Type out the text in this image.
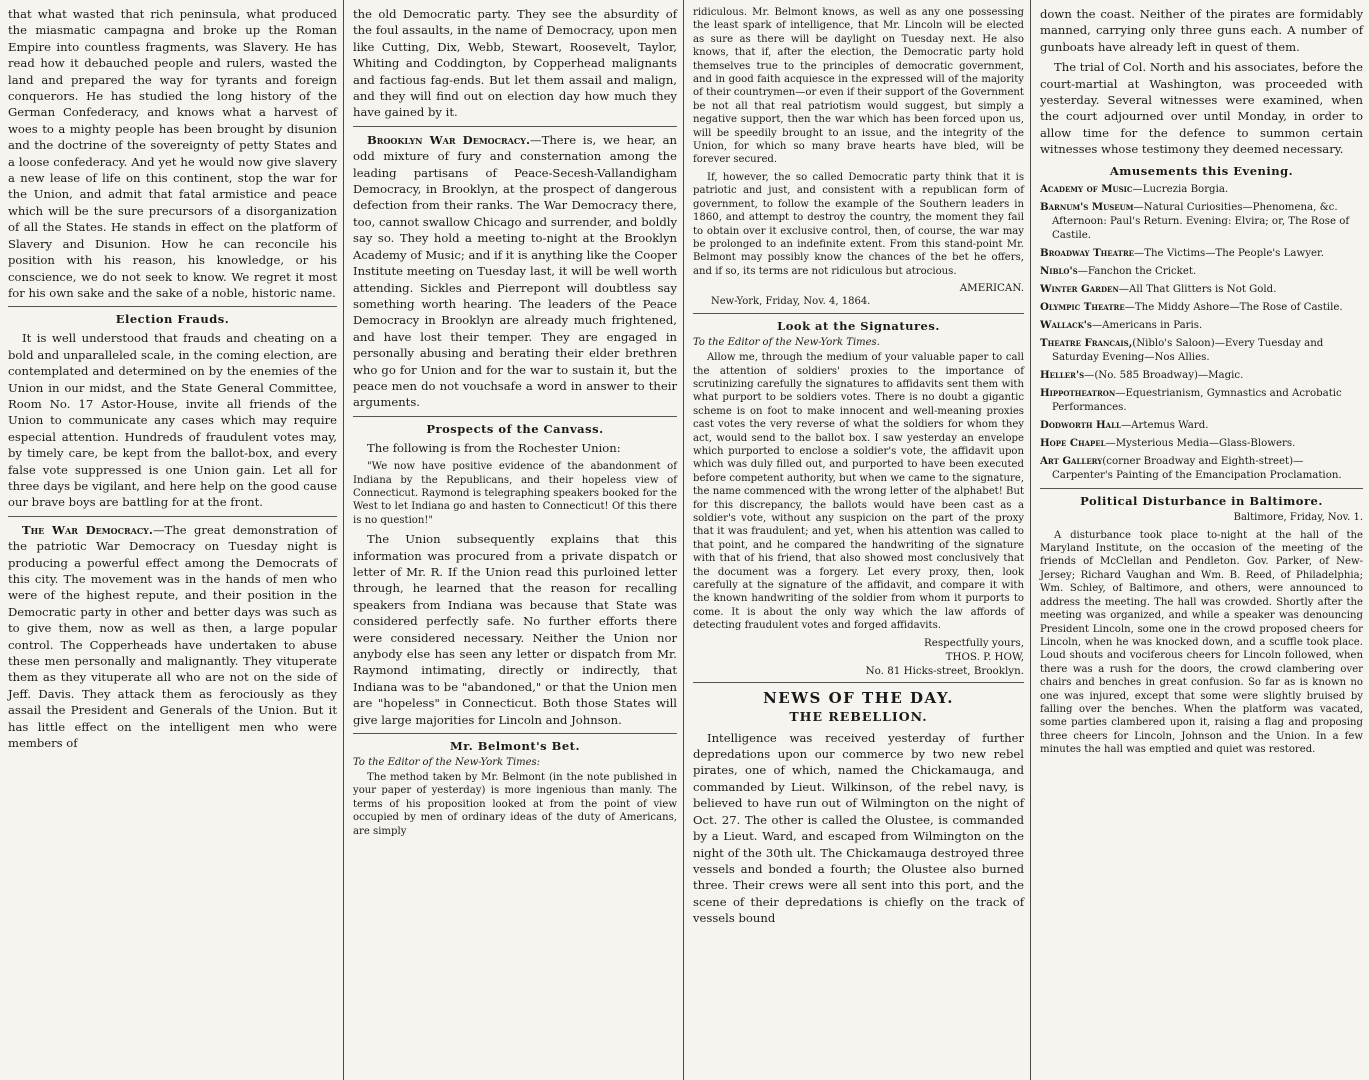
that what wasted that rich peninsula, what produced the miasmatic campagna and broke up the Roman Empire into countless fragments, was Slavery. He has read how it debauched people and rulers, wasted the land and prepared the way for tyrants and foreign conquerors. He has studied the long history of the German Confederacy, and knows what a harvest of woes to a mighty people has been brought by disunion and the doctrine of the sovereignty of petty States and a loose confederacy. And yet he would now give slavery a new lease of life on this continent, stop the war for the Union, and admit that fatal armistice and peace which will be the sure precursors of a disorganization of all the States. He stands in effect on the platform of Slavery and Disunion. How he can reconcile his position with his reason, his knowledge, or his conscience, we do not seek to know. We regret it most for his own sake and the sake of a noble, historic name.

Election Frauds.

It is well understood that frauds and cheating on a bold and unparalleled scale, in the coming election, are contemplated and determined on by the enemies of the Union in our midst, and the State General Committee, Room No. 17 Astor-House, invite all friends of the Union to communicate any cases which may require especial attention. Hundreds of fraudulent votes may, by timely care, be kept from the ballot-box, and every false vote suppressed is one Union gain. Let all for three days be vigilant, and here help on the good cause our brave boys are battling for at the front.

The War Democracy.—The great demonstration of the patriotic War Democracy on Tuesday night is producing a powerful effect among the Democrats of this city. The movement was in the hands of men who were of the highest repute, and their position in the Democratic party in other and better days was such as to give them, now as well as then, a large popular control. The Copperheads have undertaken to abuse these men personally and malignantly. They vituperate them as they vituperate all who are not on the side of Jeff. Davis. They attack them as ferociously as they assail the President and Generals of the Union. But it has little effect on the intelligent men who were members of

the old Democratic party. They see the absurdity of the foul assaults, in the name of Democracy, upon men like Cutting, Dix, Webb, Stewart, Roosevelt, Taylor, Whiting and Coddington, by Copperhead malignants and factious fag-ends. But let them assail and malign, and they will find out on election day how much they have gained by it.

Brooklyn War Democracy.—There is, we hear, an odd mixture of fury and consternation among the leading partisans of Peace-Secesh-Vallandigham Democracy, in Brooklyn, at the prospect of dangerous defection from their ranks. The War Democracy there, too, cannot swallow Chicago and surrender, and boldly say so. They hold a meeting to-night at the Brooklyn Academy of Music; and if it is anything like the Cooper Institute meeting on Tuesday last, it will be well worth attending. Sickles and Pierrepont will doubtless say something worth hearing. The leaders of the Peace Democracy in Brooklyn are already much frightened, and have lost their temper. They are engaged in personally abusing and berating their elder brethren who go for Union and for the war to sustain it, but the peace men do not vouchsafe a word in answer to their arguments.

Prospects of the Canvass.

The following is from the Rochester Union:

"We now have positive evidence of the abandonment of Indiana by the Republicans, and their hopeless view of Connecticut. Raymond is telegraphing speakers booked for the West to let Indiana go and hasten to Connecticut! Of this there is no question!"

The Union subsequently explains that this information was procured from a private dispatch or letter of Mr. R. If the Union read this purloined letter through, he learned that the reason for recalling speakers from Indiana was because that State was considered perfectly safe. No further efforts there were considered necessary. Neither the Union nor anybody else has seen any letter or dispatch from Mr. Raymond intimating, directly or indirectly, that Indiana was to be "abandoned," or that the Union men are "hopeless" in Connecticut. Both those States will give large majorities for Lincoln and Johnson.

Mr. Belmont's Bet.
To the Editor of the New-York Times:

The method taken by Mr. Belmont (in the note published in your paper of yesterday) is more ingenious than manly. The terms of his proposition looked at from the point of view occupied by men of ordinary ideas of the duty of Americans, are simply

ridiculous. Mr. Belmont knows, as well as any one possessing the least spark of intelligence, that Mr. Lincoln will be elected as sure as there will be daylight on Tuesday next. He also knows, that if, after the election, the Democratic party hold themselves true to the principles of democratic government, and in good faith acquiesce in the expressed will of the majority of their countrymen—or even if their support of the Government be not all that real patriotism would suggest, but simply a negative support, then the war which has been forced upon us, will be speedily brought to an issue, and the integrity of the Union, for which so many brave hearts have bled, will be forever secured.

If, however, the so called Democratic party think that it is patriotic and just, and consistent with a republican form of government, to follow the example of the Southern leaders in 1860, and attempt to destroy the country, the moment they fail to obtain over it exclusive control, then, of course, the war may be prolonged to an indefinite extent. From this stand-point Mr. Belmont may possibly know the chances of the bet he offers, and if so, its terms are not ridiculous but atrocious.

AMERICAN.
New-York, Friday, Nov. 4, 1864.
Look at the Signatures.
To the Editor of the New-York Times.

Allow me, through the medium of your valuable paper to call the attention of soldiers' proxies to the importance of scrutinizing carefully the signatures to affidavits sent them with what purport to be soldiers votes. There is no doubt a gigantic scheme is on foot to make innocent and well-meaning proxies cast votes the very reverse of what the soldiers for whom they act, would send to the ballot box. I saw yesterday an envelope which purported to enclose a soldier's vote, the affidavit upon which was duly filled out, and purported to have been executed before competent authority, but when we came to the signature, the name commenced with the wrong letter of the alphabet! But for this discrepancy, the ballots would have been cast as a soldier's vote, without any suspicion on the part of the proxy that it was fraudulent; and yet, when his attention was called to that point, and he compared the handwriting of the signature with that of his friend, that also showed most conclusively that the document was a forgery. Let every proxy, then, look carefully at the signature of the affidavit, and compare it with the known handwriting of the soldier from whom it purports to come. It is about the only way which the law affords of detecting fraudulent votes and forged affidavits.

Respectfully yours,
THOS. P. HOW,
No. 81 Hicks-street, Brooklyn.
NEWS OF THE DAY.
THE REBELLION.

Intelligence was received yesterday of further depredations upon our commerce by two new rebel pirates, one of which, named the Chickamauga, and commanded by Lieut. Wilkinson, of the rebel navy, is believed to have run out of Wilmington on the night of Oct. 27. The other is called the Olustee, is commanded by a Lieut. Ward, and escaped from Wilmington on the night of the 30th ult. The Chickamauga destroyed three vessels and bonded a fourth; the Olustee also burned three. Their crews were all sent into this port, and the scene of their depredations is chiefly on the track of vessels bound

down the coast. Neither of the pirates are formidably manned, carrying only three guns each. A number of gunboats have already left in quest of them.

The trial of Col. North and his associates, before the court-martial at Washington, was proceeded with yesterday. Several witnesses were examined, when the court adjourned over until Monday, in order to allow time for the defence to summon certain witnesses whose testimony they deemed necessary.

Amusements this Evening.
Academy of Music—Lucrezia Borgia.
Barnum's Museum—Natural Curiosities—Phenomena, &c. Afternoon: Paul's Return. Evening: Elvira; or, The Rose of Castile.
Broadway Theatre—The Victims—The People's Lawyer.
Niblo's—Fanchon the Cricket.
Winter Garden—All That Glitters is Not Gold.
Olympic Theatre—The Middy Ashore—The Rose of Castile.
Wallack's—Americans in Paris.
Theatre Francais,(Niblo's Saloon)—Every Tuesday and Saturday Evening—Nos Allies.
Heller's—(No. 585 Broadway)—Magic.
Hippotheatron—Equestrianism, Gymnastics and Acrobatic Performances.
Dodworth Hall—Artemus Ward.
Hope Chapel—Mysterious Media—Glass-Blowers.
Art Gallery(corner Broadway and Eighth-street)—Carpenter's Painting of the Emancipation Proclamation.
Political Disturbance in Baltimore.
Baltimore, Friday, Nov. 1.

A disturbance took place to-night at the hall of the Maryland Institute, on the occasion of the meeting of the friends of McClellan and Pendleton. Gov. Parker, of New-Jersey; Richard Vaughan and Wm. B. Reed, of Philadelphia; Wm. Schley, of Baltimore, and others, were announced to address the meeting. The hall was crowded. Shortly after the meeting was organized, and while a speaker was denouncing President Lincoln, some one in the crowd proposed cheers for Lincoln, when he was knocked down, and a scuffle took place. Loud shouts and vociferous cheers for Lincoln followed, when there was a rush for the doors, the crowd clambering over chairs and benches in great confusion. So far as is known no one was injured, except that some were slightly bruised by falling over the benches. When the platform was vacated, some parties clambered upon it, raising a flag and proposing three cheers for Lincoln, Johnson and the Union. In a few minutes the hall was emptied and quiet was restored.
